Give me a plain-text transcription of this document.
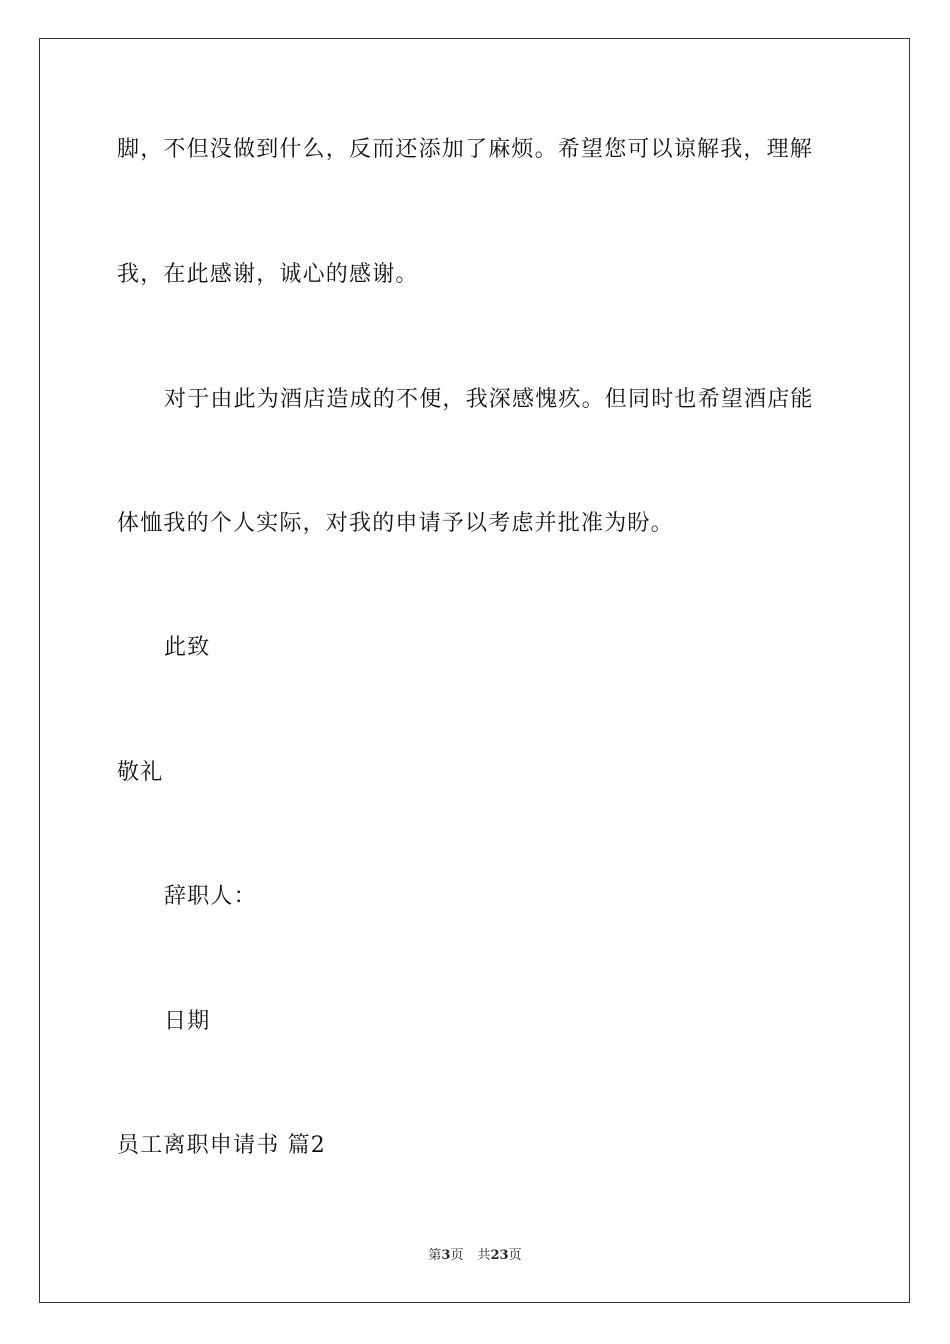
脚，不但没做到什么，反而还添加了麻烦。希望您可以谅解我，理解
我，在此感谢，诚心的感谢。
对于由此为酒店造成的不便，我深感愧疚。但同时也希望酒店能
体恤我的个人实际，对我的申请予以考虑并批准为盼。
此致
敬礼
辞职人：
日期
员工离职申请书 篇2
第3页 共23页
